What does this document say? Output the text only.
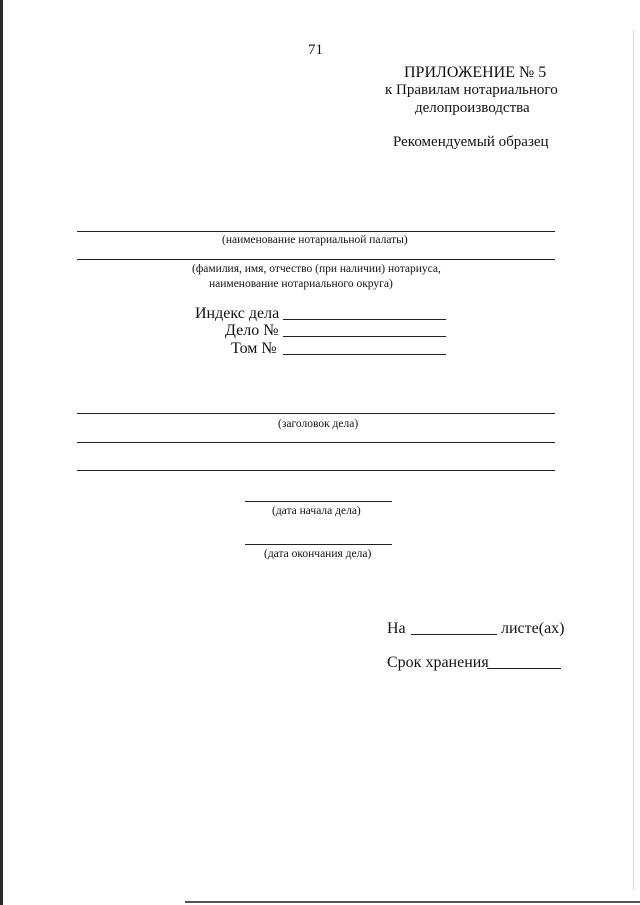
71
ПРИЛОЖЕНИЕ № 5
к Правилам нотариального
делопроизводства
Рекомендуемый образец
(наименование нотариальной палаты)
(фамилия, имя, отчество (при наличии) нотариуса,
наименование нотариального округа)
Индекс дела
Дело №
Том №
(заголовок дела)
(дата начала дела)
(дата окончания дела)
На	листе(ах)
Срок хранения
